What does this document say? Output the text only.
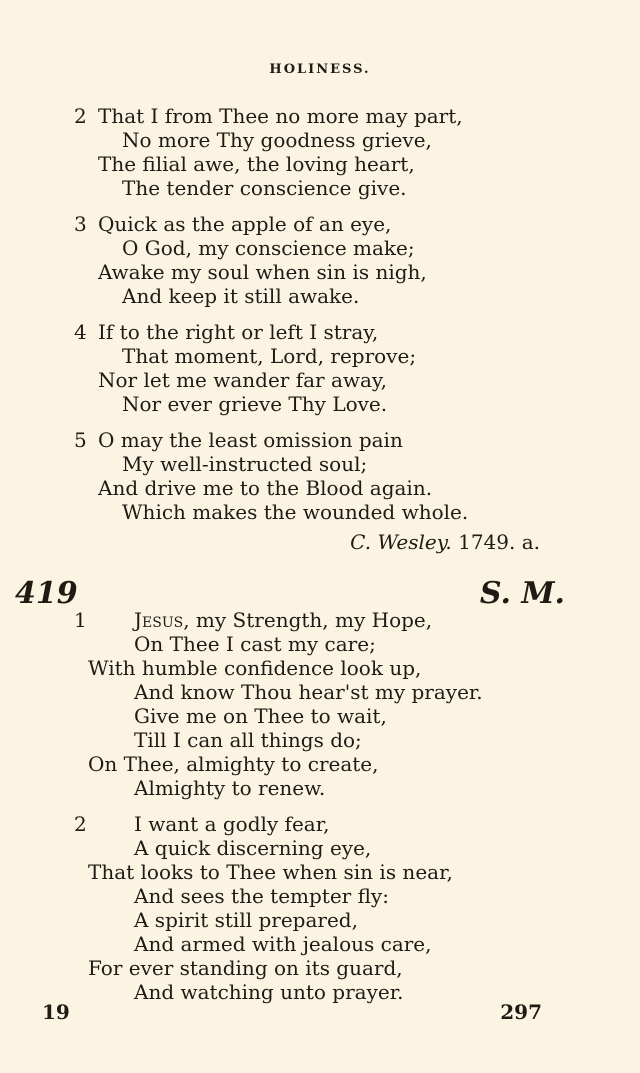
HOLINESS.
2 That I from Thee no more may part,
No more Thy goodness grieve,
The filial awe, the loving heart,
The tender conscience give.
3 Quick as the apple of an eye,
O God, my conscience make;
Awake my soul when sin is nigh,
And keep it still awake.
4 If to the right or left I stray,
That moment, Lord, reprove;
Nor let me wander far away,
Nor ever grieve Thy Love.
5 O may the least omission pain
My well-instructed soul;
And drive me to the Blood again.
Which makes the wounded whole.
C. Wesley. 1749. a.
419	S. M.
1 Jesus, my Strength, my Hope,
On Thee I cast my care;
With humble confidence look up,
And know Thou hear'st my prayer.
Give me on Thee to wait,
Till I can all things do;
On Thee, almighty to create,
Almighty to renew.
2 I want a godly fear,
A quick discerning eye,
That looks to Thee when sin is near,
And sees the tempter fly:
A spirit still prepared,
And armed with jealous care,
For ever standing on its guard,
And watching unto prayer.
19	297
